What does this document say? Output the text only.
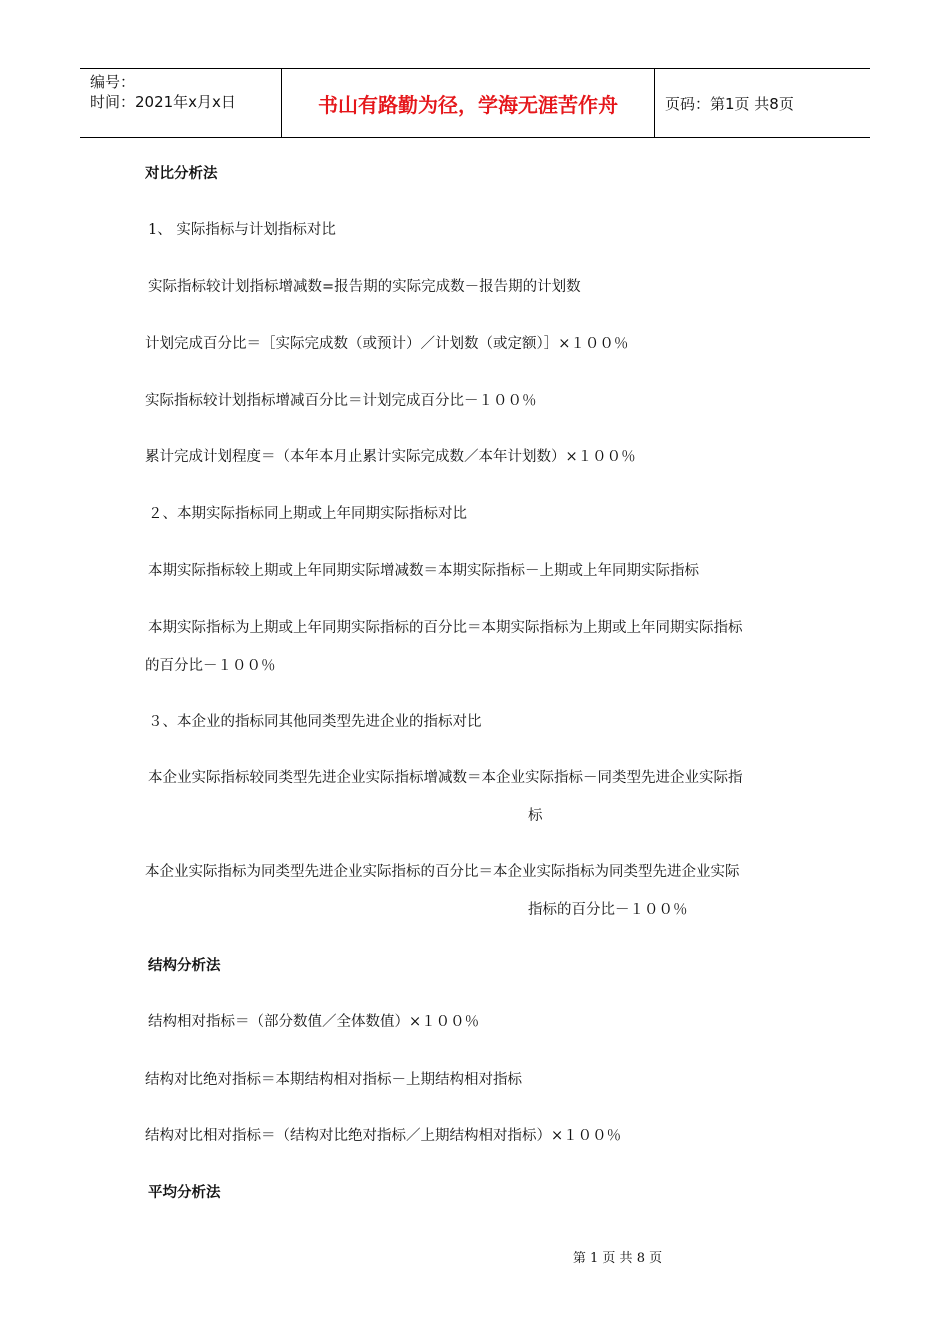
编号：
时间：2021年x月x日	书山有路勤为径，学海无涯苦作舟	页码：第1页 共8页
对比分析法
1、 实际指标与计划指标对比
实际指标较计划指标增减数=报告期的实际完成数－报告期的计划数
计划完成百分比＝［实际完成数（或预计）／计划数（或定额）］×１００％
实际指标较计划指标增减百分比＝计划完成百分比－１００％
累计完成计划程度＝（本年本月止累计实际完成数／本年计划数）×１００％
２、本期实际指标同上期或上年同期实际指标对比
本期实际指标较上期或上年同期实际增减数＝本期实际指标－上期或上年同期实际指标
本期实际指标为上期或上年同期实际指标的百分比＝本期实际指标为上期或上年同期实际指标
的百分比－１００％
３、本企业的指标同其他同类型先进企业的指标对比
本企业实际指标较同类型先进企业实际指标增减数＝本企业实际指标－同类型先进企业实际指
标
本企业实际指标为同类型先进企业实际指标的百分比＝本企业实际指标为同类型先进企业实际
指标的百分比－１００％
结构分析法
结构相对指标＝（部分数值／全体数值）×１００％
结构对比绝对指标＝本期结构相对指标－上期结构相对指标
结构对比相对指标＝（结构对比绝对指标／上期结构相对指标）×１００％
平均分析法
第 1 页 共 8 页
